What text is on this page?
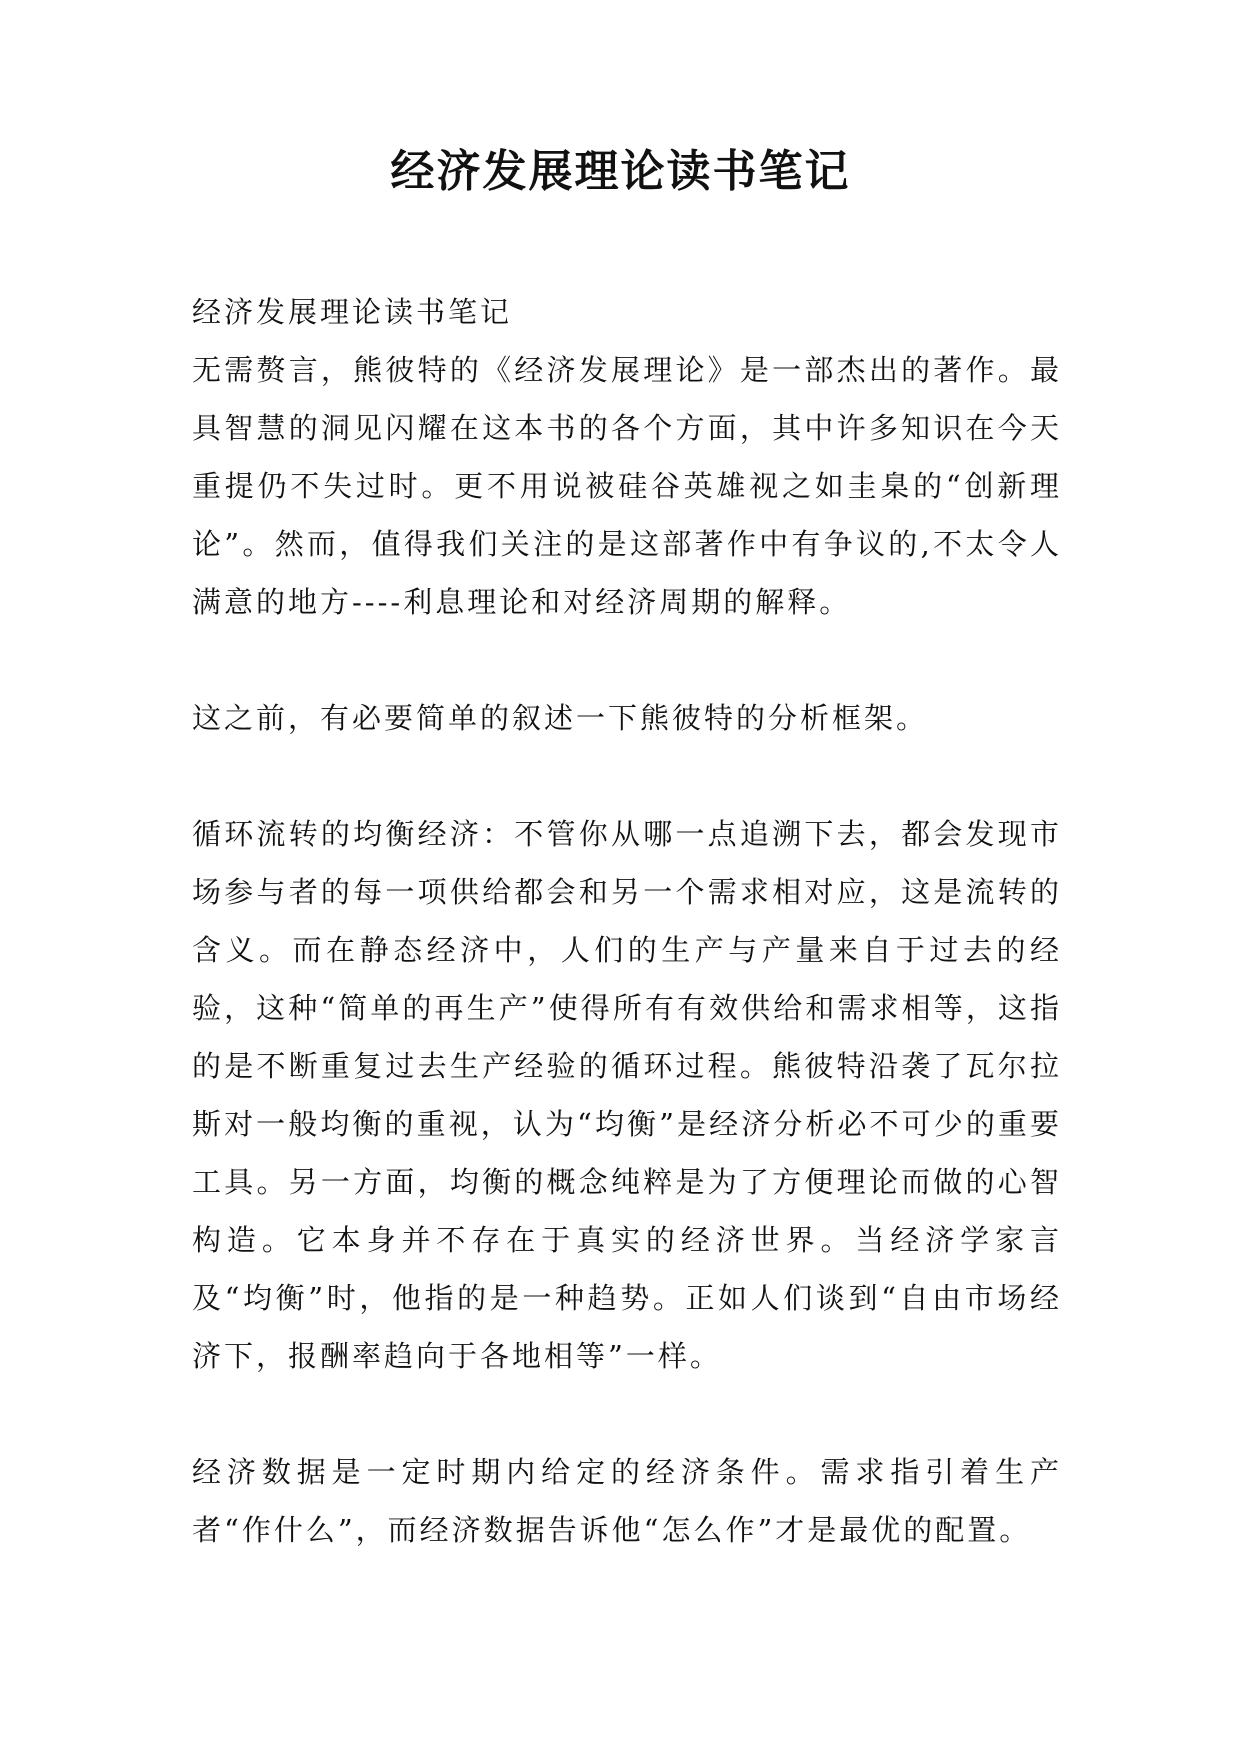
经济发展理论读书笔记

经济发展理论读书笔记

无需赘言，熊彼特的《经济发展理论》是一部杰出的著作。最具智慧的洞见闪耀在这本书的各个方面，其中许多知识在今天重提仍不失过时。更不用说被硅谷英雄视之如圭臬的“创新理论”。然而，值得我们关注的是这部著作中有争议的,不太令人满意的地方----利息理论和对经济周期的解释。

这之前，有必要简单的叙述一下熊彼特的分析框架。

循环流转的均衡经济：不管你从哪一点追溯下去，都会发现市场参与者的每一项供给都会和另一个需求相对应，这是流转的含义。而在静态经济中，人们的生产与产量来自于过去的经验，这种“简单的再生产”使得所有有效供给和需求相等，这指的是不断重复过去生产经验的循环过程。熊彼特沿袭了瓦尔拉斯对一般均衡的重视，认为“均衡”是经济分析必不可少的重要工具。另一方面，均衡的概念纯粹是为了方便理论而做的心智构造。它本身并不存在于真实的经济世界。当经济学家言及“均衡”时，他指的是一种趋势。正如人们谈到“自由市场经济下，报酬率趋向于各地相等”一样。

经济数据是一定时期内给定的经济条件。需求指引着生产者“作什么”，而经济数据告诉他“怎么作”才是最优的配置。
